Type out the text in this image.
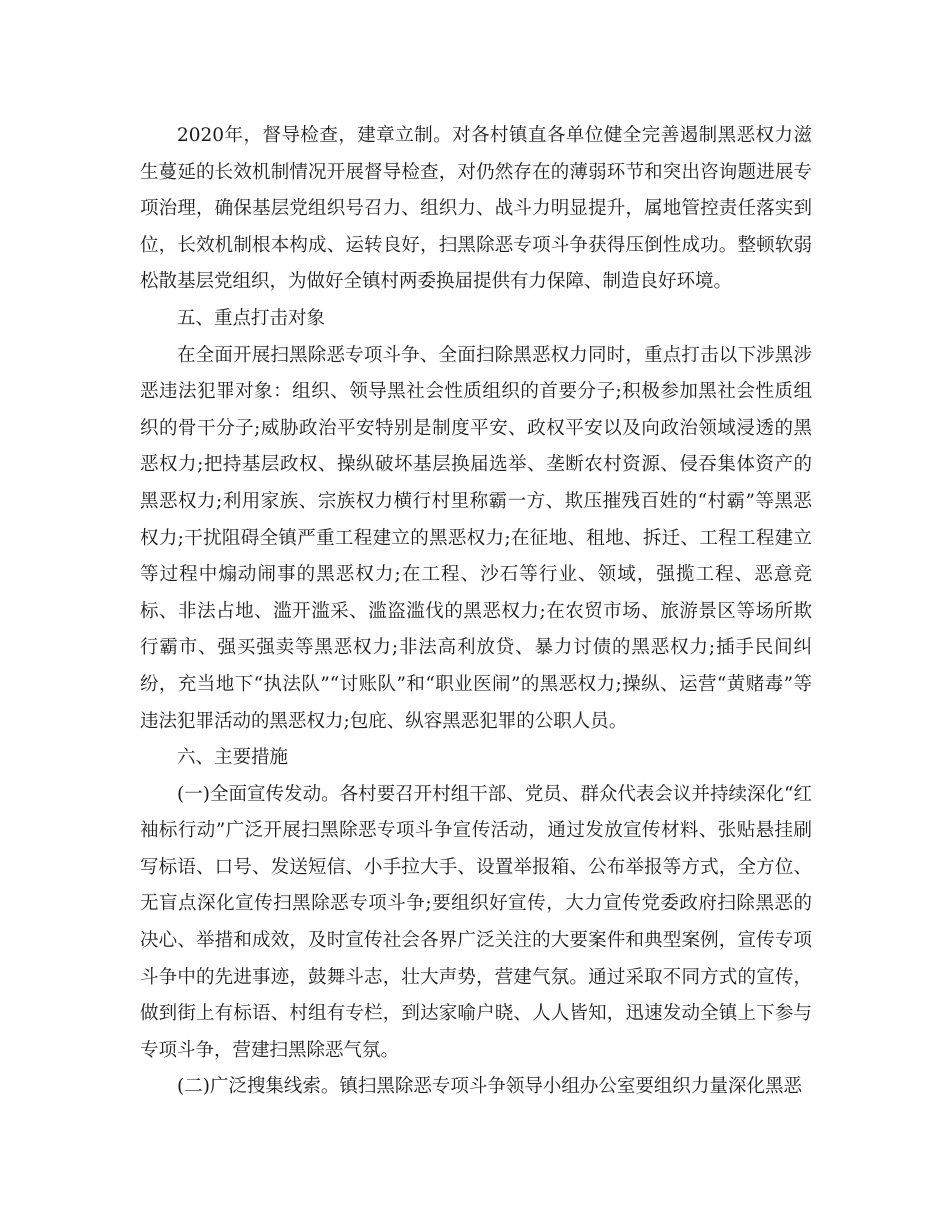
2020年，督导检查，建章立制。对各村镇直各单位健全完善遏制黑恶权力滋生蔓延的长效机制情况开展督导检查，对仍然存在的薄弱环节和突出咨询题进展专项治理，确保基层党组织号召力、组织力、战斗力明显提升，属地管控责任落实到位，长效机制根本构成、运转良好，扫黑除恶专项斗争获得压倒性成功。整顿软弱松散基层党组织，为做好全镇村两委换届提供有力保障、制造良好环境。

五、重点打击对象

在全面开展扫黑除恶专项斗争、全面扫除黑恶权力同时，重点打击以下涉黑涉恶违法犯罪对象：组织、领导黑社会性质组织的首要分子;积极参加黑社会性质组织的骨干分子;威胁政治平安特别是制度平安、政权平安以及向政治领域浸透的黑恶权力;把持基层政权、操纵破坏基层换届选举、垄断农村资源、侵吞集体资产的黑恶权力;利用家族、宗族权力横行村里称霸一方、欺压摧残百姓的“村霸”等黑恶权力;干扰阻碍全镇严重工程建立的黑恶权力;在征地、租地、拆迁、工程工程建立等过程中煽动闹事的黑恶权力;在工程、沙石等行业、领域，强揽工程、恶意竞标、非法占地、滥开滥采、滥盗滥伐的黑恶权力;在农贸市场、旅游景区等场所欺行霸市、强买强卖等黑恶权力;非法高利放贷、暴力讨债的黑恶权力;插手民间纠纷，充当地下“执法队”“讨账队”和“职业医闹”的黑恶权力;操纵、运营“黄赌毒”等违法犯罪活动的黑恶权力;包庇、纵容黑恶犯罪的公职人员。

六、主要措施

(一)全面宣传发动。各村要召开村组干部、党员、群众代表会议并持续深化“红袖标行动”广泛开展扫黑除恶专项斗争宣传活动，通过发放宣传材料、张贴悬挂刷写标语、口号、发送短信、小手拉大手、设置举报箱、公布举报等方式，全方位、无盲点深化宣传扫黑除恶专项斗争;要组织好宣传，大力宣传党委政府扫除黑恶的决心、举措和成效，及时宣传社会各界广泛关注的大要案件和典型案例，宣传专项斗争中的先进事迹，鼓舞斗志，壮大声势，营建气氛。通过采取不同方式的宣传，做到街上有标语、村组有专栏，到达家喻户晓、人人皆知，迅速发动全镇上下参与专项斗争，营建扫黑除恶气氛。

(二)广泛搜集线索。镇扫黑除恶专项斗争领导小组办公室要组织力量深化黑恶
